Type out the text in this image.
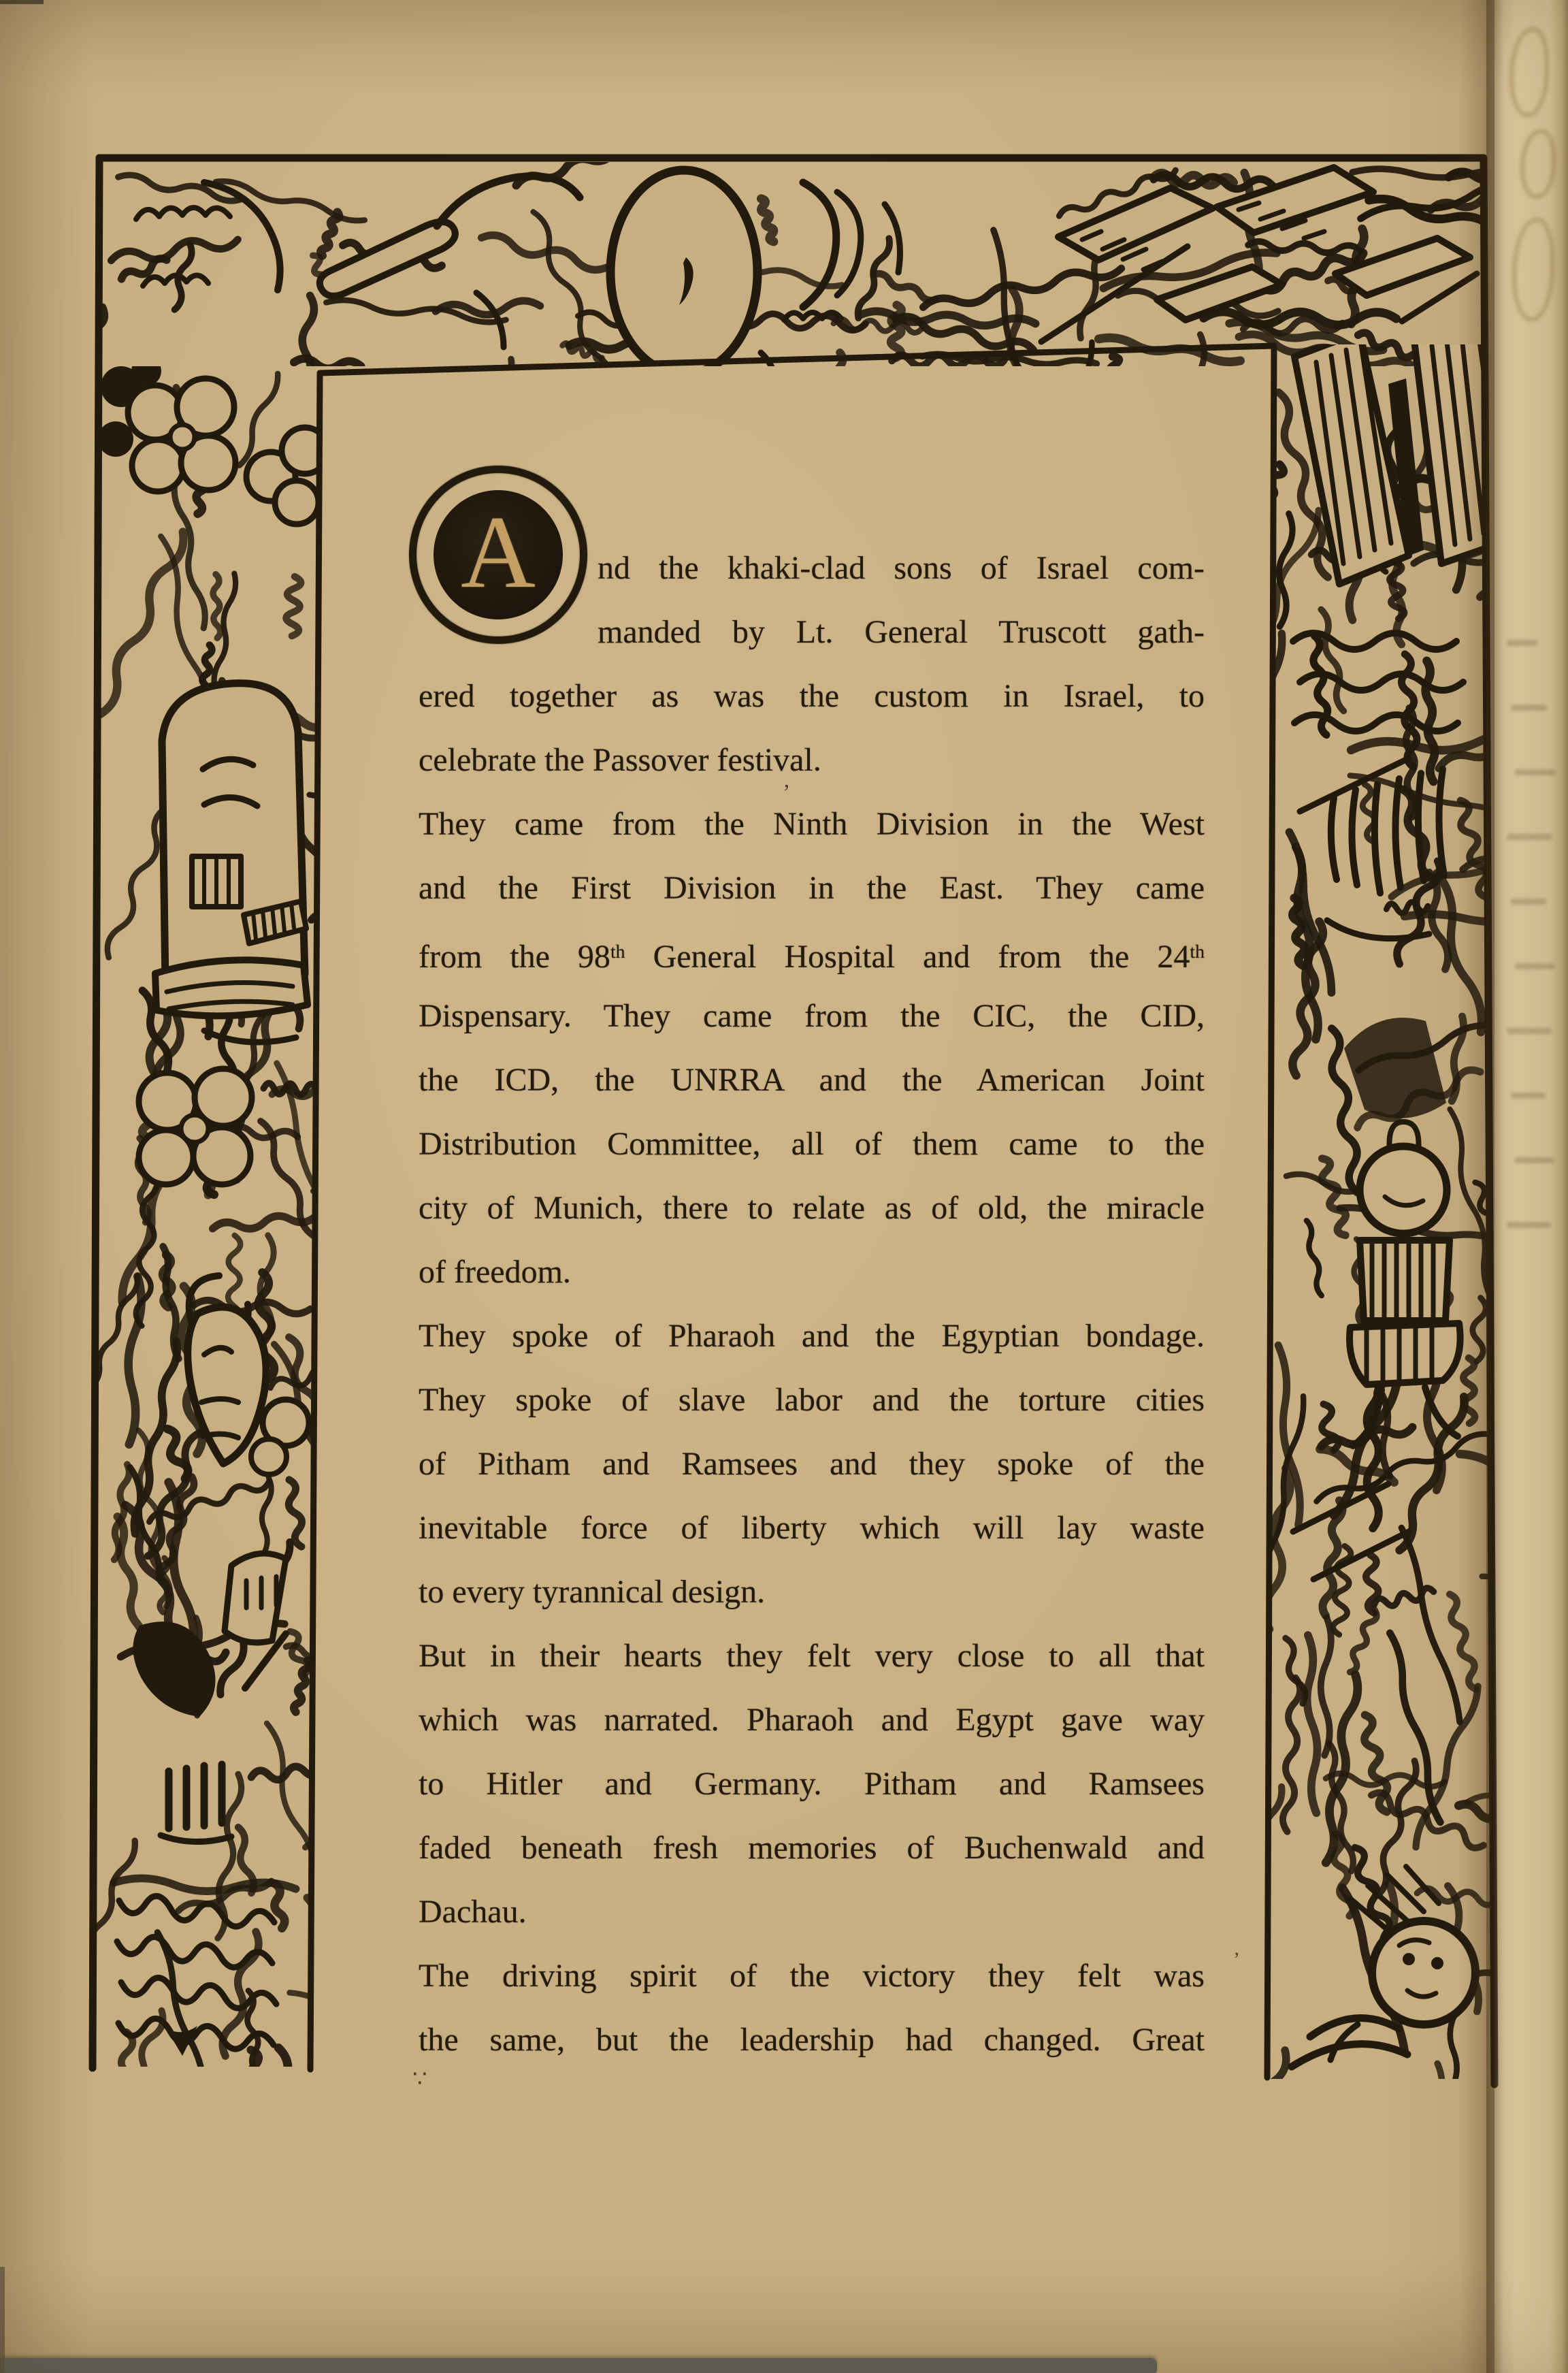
A nd the khaki-clad sons of Israel com-
manded by Lt. General Truscott gath-
ered together as was the custom in Israel, to
celebrate the Passover festival.
They came from the Ninth Division in the West
and the First Division in the East. They came
from the 98th General Hospital and from the 24th
Dispensary. They came from the CIC, the CID,
the ICD, the UNRRA and the American Joint
Distribution Committee, all of them came to the
city of Munich, there to relate as of old, the miracle
of freedom.
They spoke of Pharaoh and the Egyptian bondage.
They spoke of slave labor and the torture cities
of Pitham and Ramsees and they spoke of the
inevitable force of liberty which will lay waste
to every tyrannical design.
But in their hearts they felt very close to all that
which was narrated. Pharaoh and Egypt gave way
to Hitler and Germany. Pitham and Ramsees
faded beneath fresh memories of Buchenwald and
Dachau.
The driving spirit of the victory they felt was
the same, but the leadership had changed. Great
’
’
∵
